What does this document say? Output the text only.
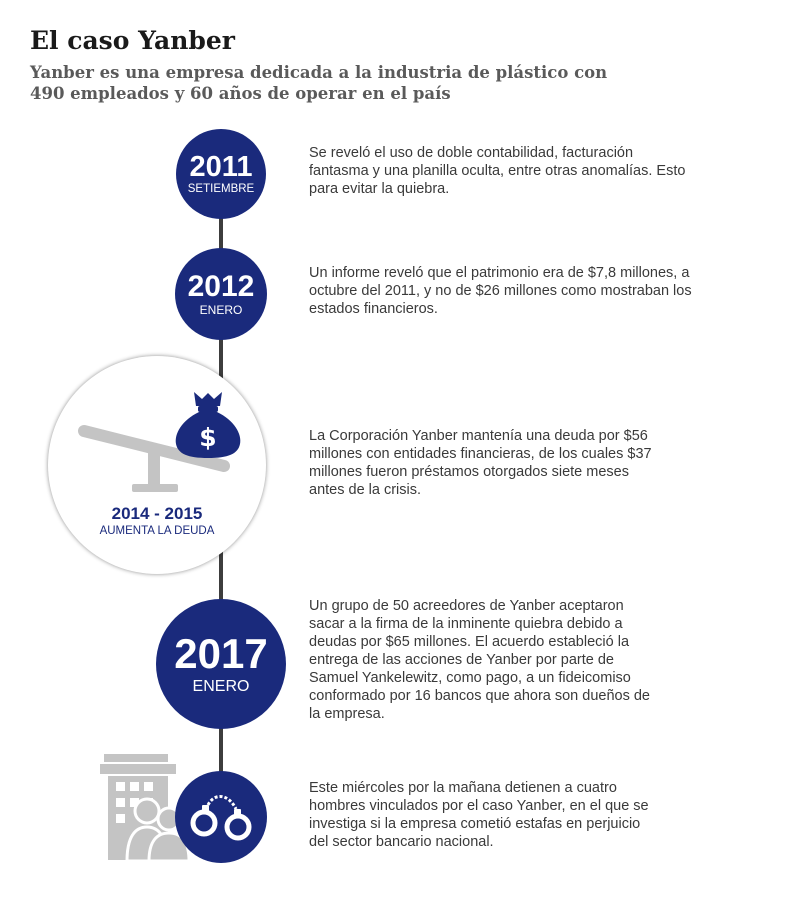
El caso Yanber

Yanber es una empresa dedicada a la industria de plástico con 490 empleados y 60 años de operar en el país

2011
SETIEMBRE

Se reveló el uso de doble contabilidad, facturación fantasma y una planilla oculta, entre otras anomalías. Esto para evitar la quiebra.

2012
ENERO

Un informe reveló que el patrimonio era de $7,8 millones, a octubre del 2011, y no de $26 millones como mostraban los estados financieros.

$
2014 - 2015
AUMENTA LA DEUDA

La Corporación Yanber mantenía una deuda por $56 millones con entidades financieras, de los cuales $37 millones fueron préstamos otorgados siete meses antes de la crisis.

2017
ENERO

Un grupo de 50 acreedores de Yanber aceptaron sacar a la firma de la inminente quiebra debido a deudas por $65 millones. El acuerdo estableció la entrega de las acciones de Yanber por parte de Samuel Yankelewitz, como pago, a un fideicomiso conformado por 16 bancos que ahora son dueños de la empresa.

Este miércoles por la mañana detienen a cuatro hombres vinculados por el caso Yanber, en el que se investiga si la empresa cometió estafas en perjuicio del sector bancario nacional.
